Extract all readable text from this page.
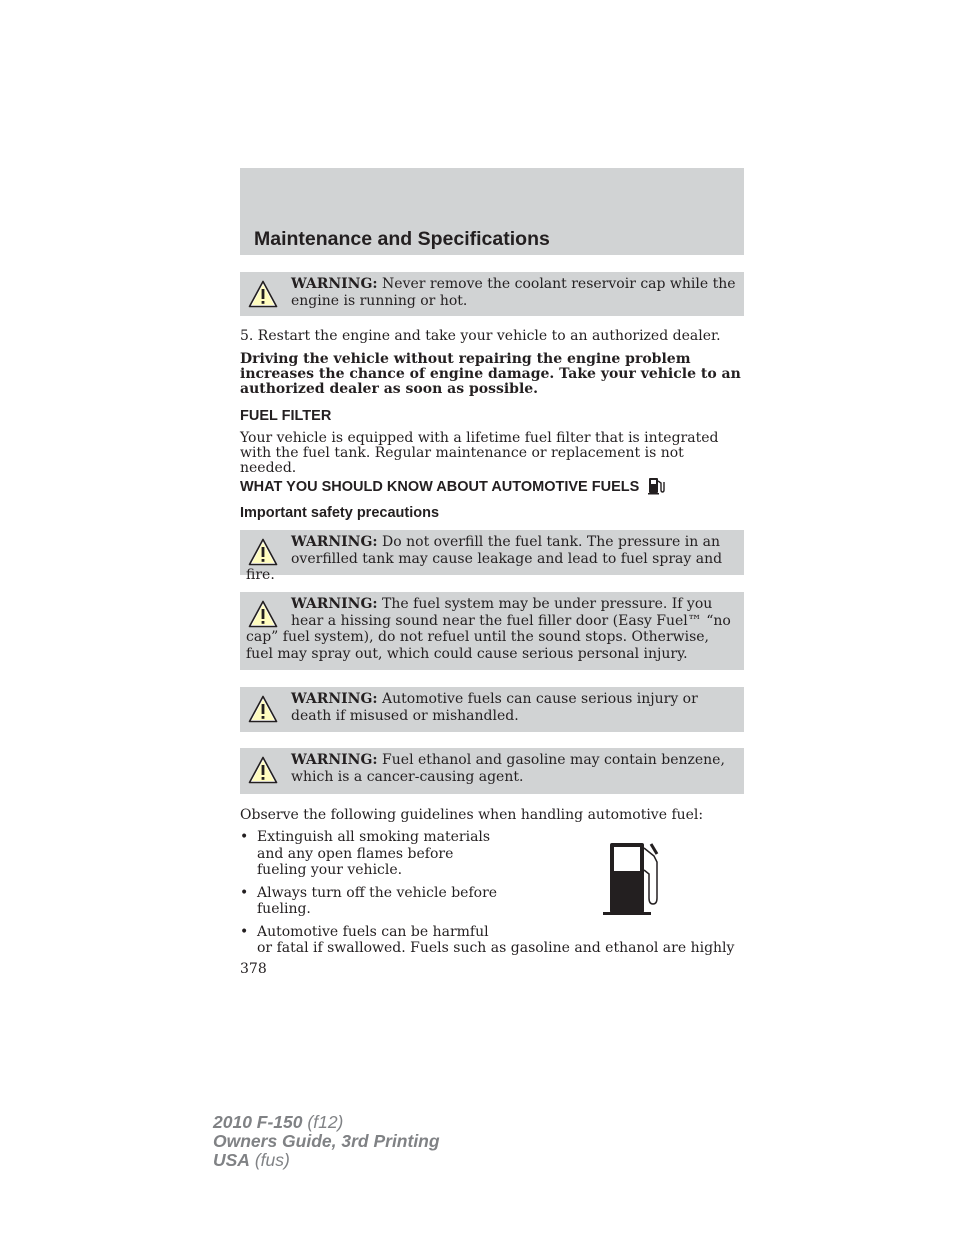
Maintenance and Specifications
WARNING: Never remove the coolant reservoir cap while the engine is running or hot.
5. Restart the engine and take your vehicle to an authorized dealer.
Driving the vehicle without repairing the engine problem increases the chance of engine damage. Take your vehicle to an authorized dealer as soon as possible.
FUEL FILTER
Your vehicle is equipped with a lifetime fuel filter that is integrated with the fuel tank. Regular maintenance or replacement is not needed.
WHAT YOU SHOULD KNOW ABOUT AUTOMOTIVE FUELS
Important safety precautions
WARNING: Do not overfill the fuel tank. The pressure in an overfilled tank may cause leakage and lead to fuel spray and fire.
WARNING: The fuel system may be under pressure. If you hear a hissing sound near the fuel filler door (Easy Fuel™ “no cap” fuel system), do not refuel until the sound stops. Otherwise, fuel may spray out, which could cause serious personal injury.
WARNING: Automotive fuels can cause serious injury or death if misused or mishandled.
WARNING: Fuel ethanol and gasoline may contain benzene, which is a cancer-causing agent.
Observe the following guidelines when handling automotive fuel:
• Extinguish all smoking materials and any open flames before fueling your vehicle.
• Always turn off the vehicle before fueling.
• Automotive fuels can be harmful
or fatal if swallowed. Fuels such as gasoline and ethanol are highly
378
2010 F-150 (f12)
Owners Guide, 3rd Printing
USA (fus)
